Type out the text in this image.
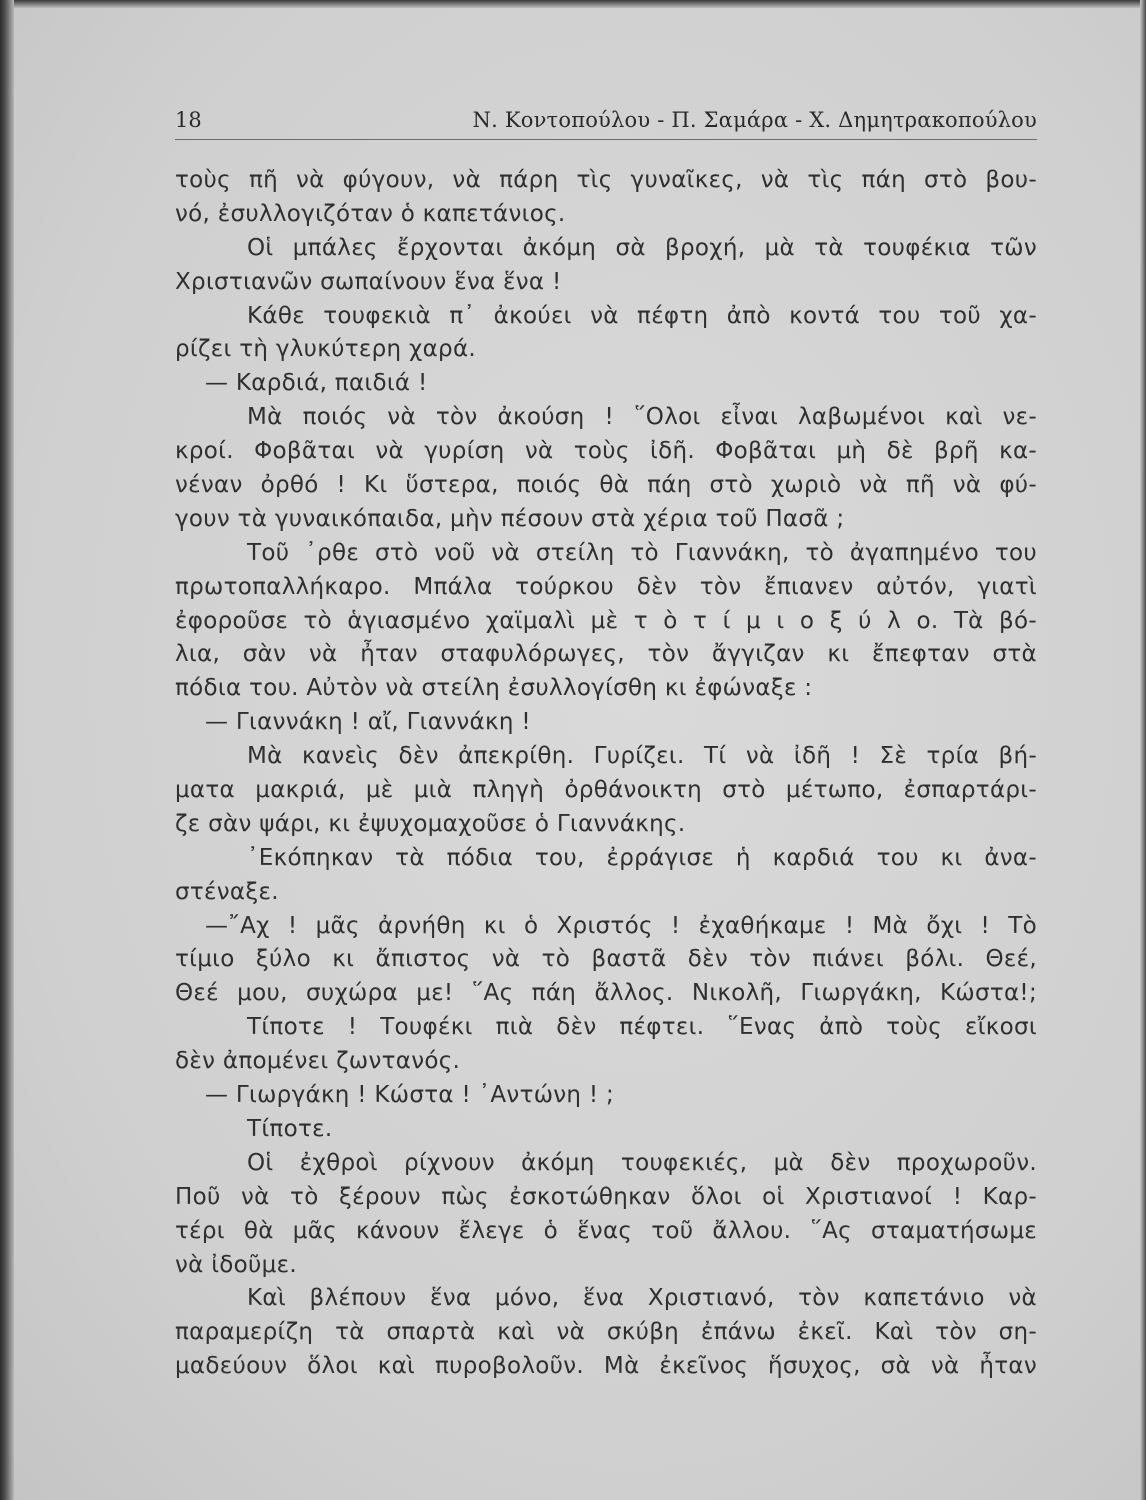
18	Ν. Κοντοπούλου - Π. Σαμάρα - Χ. Δημητρακοπούλου
τοὺς πῆ νὰ φύγουν, νὰ πάρη τὶς γυναῖκες, νὰ τὶς πάη στὸ βου-
νό, ἐσυλλογιζόταν ὁ καπετάνιος.
Οἱ μπάλες ἔρχονται ἀκόμη σὰ βροχή, μὰ τὰ τουφέκια τῶν
Χριστιανῶν σωπαίνουν ἕνα ἕνα !
Κάθε τουφεκιὰ π᾽ ἀκούει νὰ πέφτη ἀπὸ κοντά του τοῦ χα-
ρίζει τὴ γλυκύτερη χαρά.
— Καρδιά, παιδιά !
Μὰ ποιός νὰ τὸν ἀκούση ! ῞Ολοι εἶναι λαβωμένοι καὶ νε-
κροί. Φοβᾶται νὰ γυρίση νὰ τοὺς ἰδῆ. Φοβᾶται μὴ δὲ βρῆ κα-
νέναν ὀρθό ! Κι ὕστερα, ποιός θὰ πάη στὸ χωριὸ νὰ πῆ νὰ φύ-
γουν τὰ γυναικόπαιδα, μὴν πέσουν στὰ χέρια τοῦ Πασᾶ ;
Τοῦ ᾽ρθε στὸ νοῦ νὰ στείλη τὸ Γιαννάκη, τὸ ἀγαπημένο του
πρωτοπαλλήκαρο. Μπάλα τούρκου δὲν τὸν ἔπιανεν αὐτόν, γιατὶ
ἐφοροῦσε τὸ ἁγιασμένο χαϊμαλὶ μὲ τ ὸ τ ί μ ι ο ξ ύ λ ο. Τὰ βό-
λια, σὰν νὰ ἦταν σταφυλόρωγες, τὸν ἄγγιζαν κι ἔπεφταν στὰ
πόδια του. Αὐτὸν νὰ στείλη ἐσυλλογίσθη κι ἐφώναξε :
— Γιαννάκη ! αἴ, Γιαννάκη !
Μὰ κανεὶς δὲν ἀπεκρίθη. Γυρίζει. Τί νὰ ἰδῆ ! Σὲ τρία βή-
ματα μακριά, μὲ μιὰ πληγὴ ὀρθάνοικτη στὸ μέτωπο, ἐσπαρτάρι-
ζε σὰν ψάρι, κι ἐψυχομαχοῦσε ὁ Γιαννάκης.
᾽Εκόπηκαν τὰ πόδια του, ἐρράγισε ἡ καρδιά του κι ἀνα-
στέναξε.
—῎Αχ ! μᾶς ἀρνήθη κι ὁ Χριστός ! ἐχαθήκαμε ! Μὰ ὄχι ! Τὸ
τίμιο ξύλο κι ἄπιστος νὰ τὸ βαστᾶ δὲν τὸν πιάνει βόλι. Θεέ,
Θεέ μου, συχώρα με! ῞Ας πάη ἄλλος. Νικολῆ, Γιωργάκη, Κώστα!;
Τίποτε ! Τουφέκι πιὰ δὲν πέφτει. ῞Ενας ἀπὸ τοὺς εἴκοσι
δὲν ἀπομένει ζωντανός.
— Γιωργάκη ! Κώστα ! ᾽Αντώνη ! ;
Τίποτε.
Οἱ ἐχθροὶ ρίχνουν ἀκόμη τουφεκιές, μὰ δὲν προχωροῦν.
Ποῦ νὰ τὸ ξέρουν πὼς ἐσκοτώθηκαν ὅλοι οἱ Χριστιανοί ! Καρ-
τέρι θὰ μᾶς κάνουν ἔλεγε ὁ ἕνας τοῦ ἄλλου. ῞Ας σταματήσωμε
νὰ ἰδοῦμε.
Καὶ βλέπουν ἕνα μόνο, ἕνα Χριστιανό, τὸν καπετάνιο νὰ
παραμερίζη τὰ σπαρτὰ καὶ νὰ σκύβη ἐπάνω ἐκεῖ. Καὶ τὸν ση-
μαδεύουν ὅλοι καὶ πυροβολοῦν. Μὰ ἐκεῖνος ἥσυχος, σὰ νὰ ἦταν
